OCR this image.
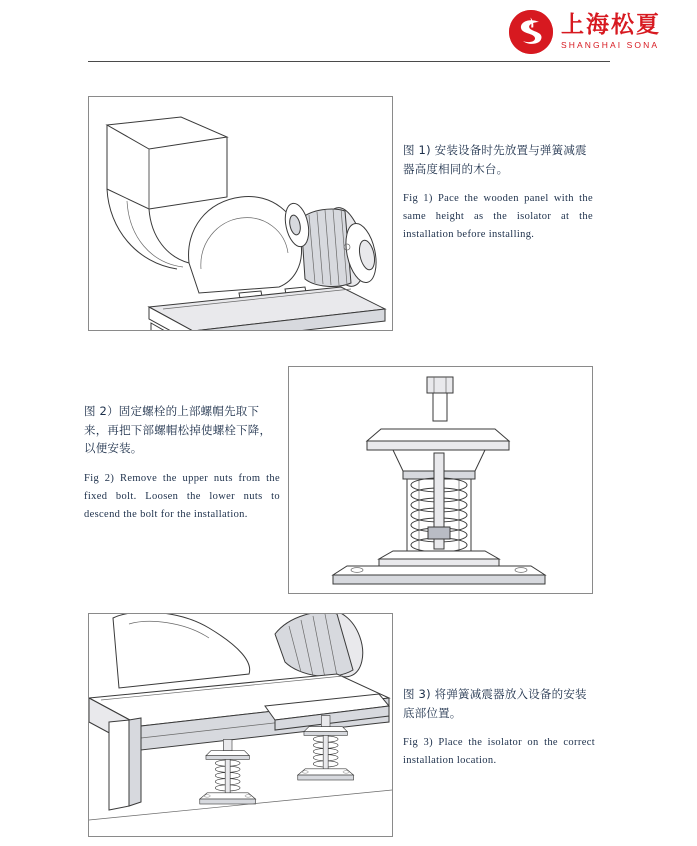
上海松夏
SHANGHAI SONA

图 1) 安装设备时先放置与弹簧减震器高度相同的木台。

Fig 1) Pace the wooden panel with the same height as the isolator at the installation before installing.

图 2）固定螺栓的上部螺帽先取下来，再把下部螺帽松掉使螺栓下降，以便安装。

Fig 2) Remove the upper nuts from the fixed bolt. Loosen the lower nuts to descend the bolt for the installation.

图 3) 将弹簧减震器放入设备的安装底部位置。

Fig 3) Place the isolator on the correct installation location.
